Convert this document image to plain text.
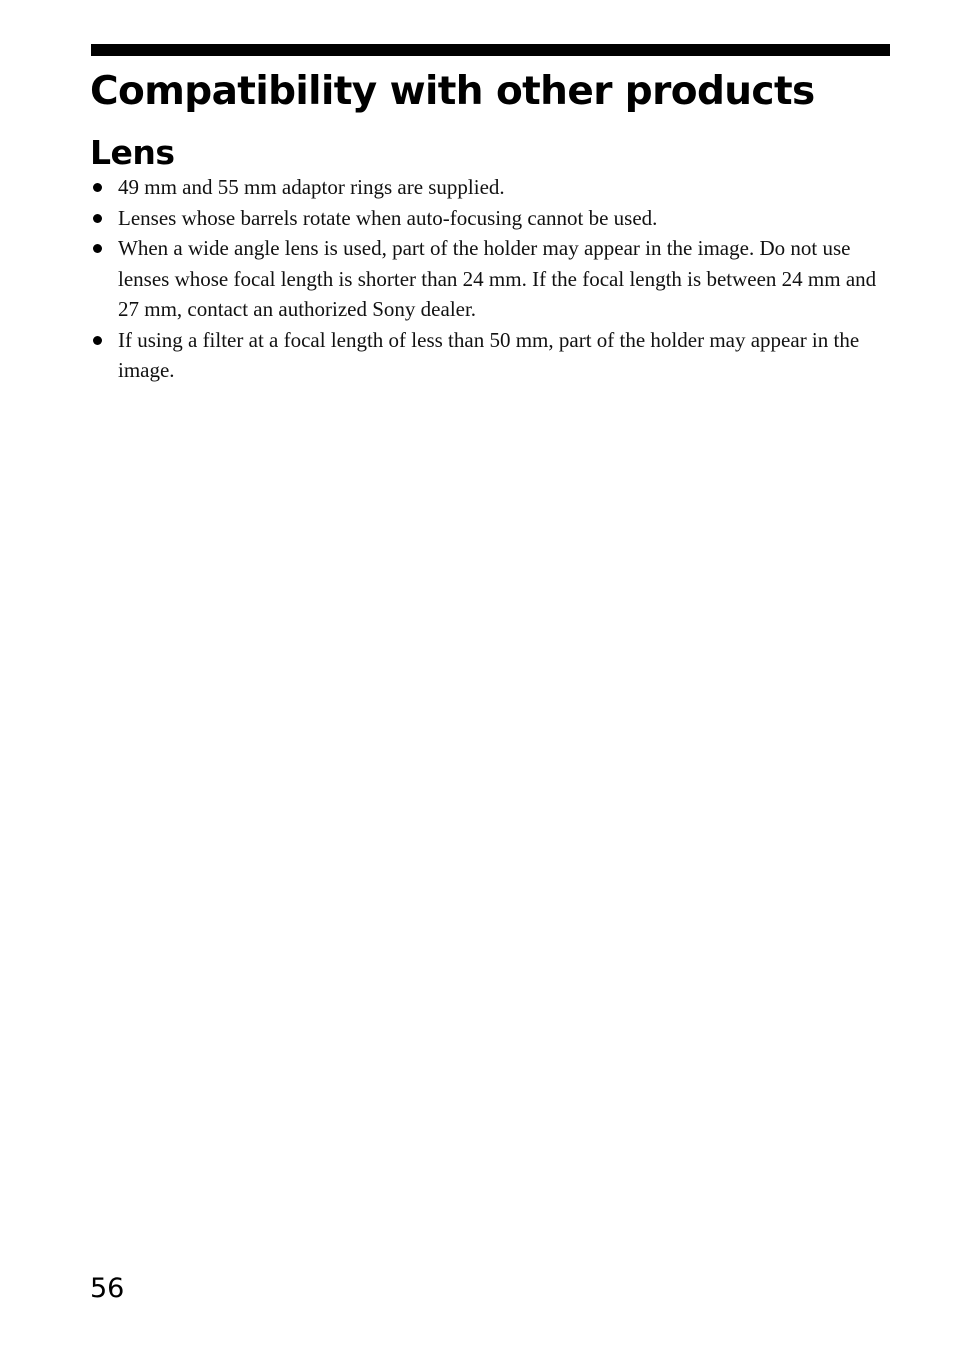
Compatibility with other products
Lens
49 mm and 55 mm adaptor rings are supplied.
Lenses whose barrels rotate when auto-focusing cannot be used.
When a wide angle lens is used, part of the holder may appear in the image. Do not use lenses whose focal length is shorter than 24 mm. If the focal length is between 24 mm and 27 mm, contact an authorized Sony dealer.
If using a filter at a focal length of less than 50 mm, part of the holder may appear in the image.

56
